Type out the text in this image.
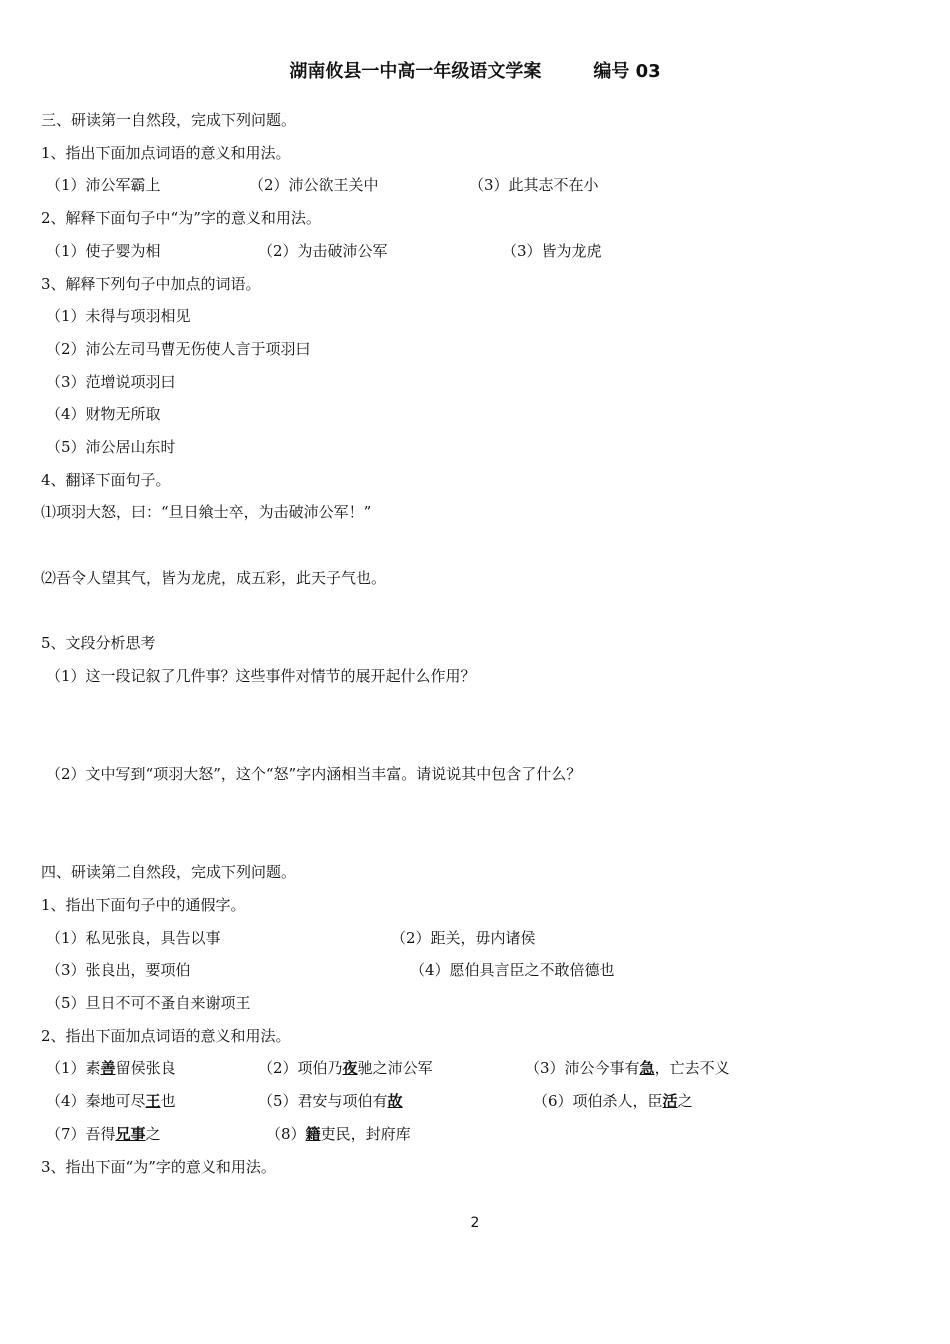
湖南攸县一中高一年级语文学案	编号 03
三、研读第一自然段，完成下列问题。
1、指出下面加点词语的意义和用法。
（1）沛公军霸上	（2）沛公欲王关中	（3）此其志不在小
2、解释下面句子中“为”字的意义和用法。
（1）使子婴为相	（2）为击破沛公军	（3）皆为龙虎
3、解释下列句子中加点的词语。
（1）未得与项羽相见
（2）沛公左司马曹无伤使人言于项羽曰
（3）范增说项羽曰
（4）财物无所取
（5）沛公居山东时
4、翻译下面句子。
⑴项羽大怒，曰：“旦日飨士卒，为击破沛公军！”
⑵吾令人望其气，皆为龙虎，成五彩，此天子气也。
5、文段分析思考
（1）这一段记叙了几件事？这些事件对情节的展开起什么作用？
（2）文中写到“项羽大怒”，这个“怒”字内涵相当丰富。请说说其中包含了什么？
四、研读第二自然段，完成下列问题。
1、指出下面句子中的通假字。
（1）私见张良，具告以事	（2）距关，毋内诸侯
（3）张良出，要项伯	（4）愿伯具言臣之不敢倍德也
（5）旦日不可不蚤自来谢项王
2、指出下面加点词语的意义和用法。
（1）素善留侯张良	（2）项伯乃夜驰之沛公军	（3）沛公今事有急，亡去不义
（4）秦地可尽王也	（5）君安与项伯有故	（6）项伯杀人，臣活之
（7）吾得兄事之	（8）籍吏民，封府库
3、指出下面“为”字的意义和用法。
2
